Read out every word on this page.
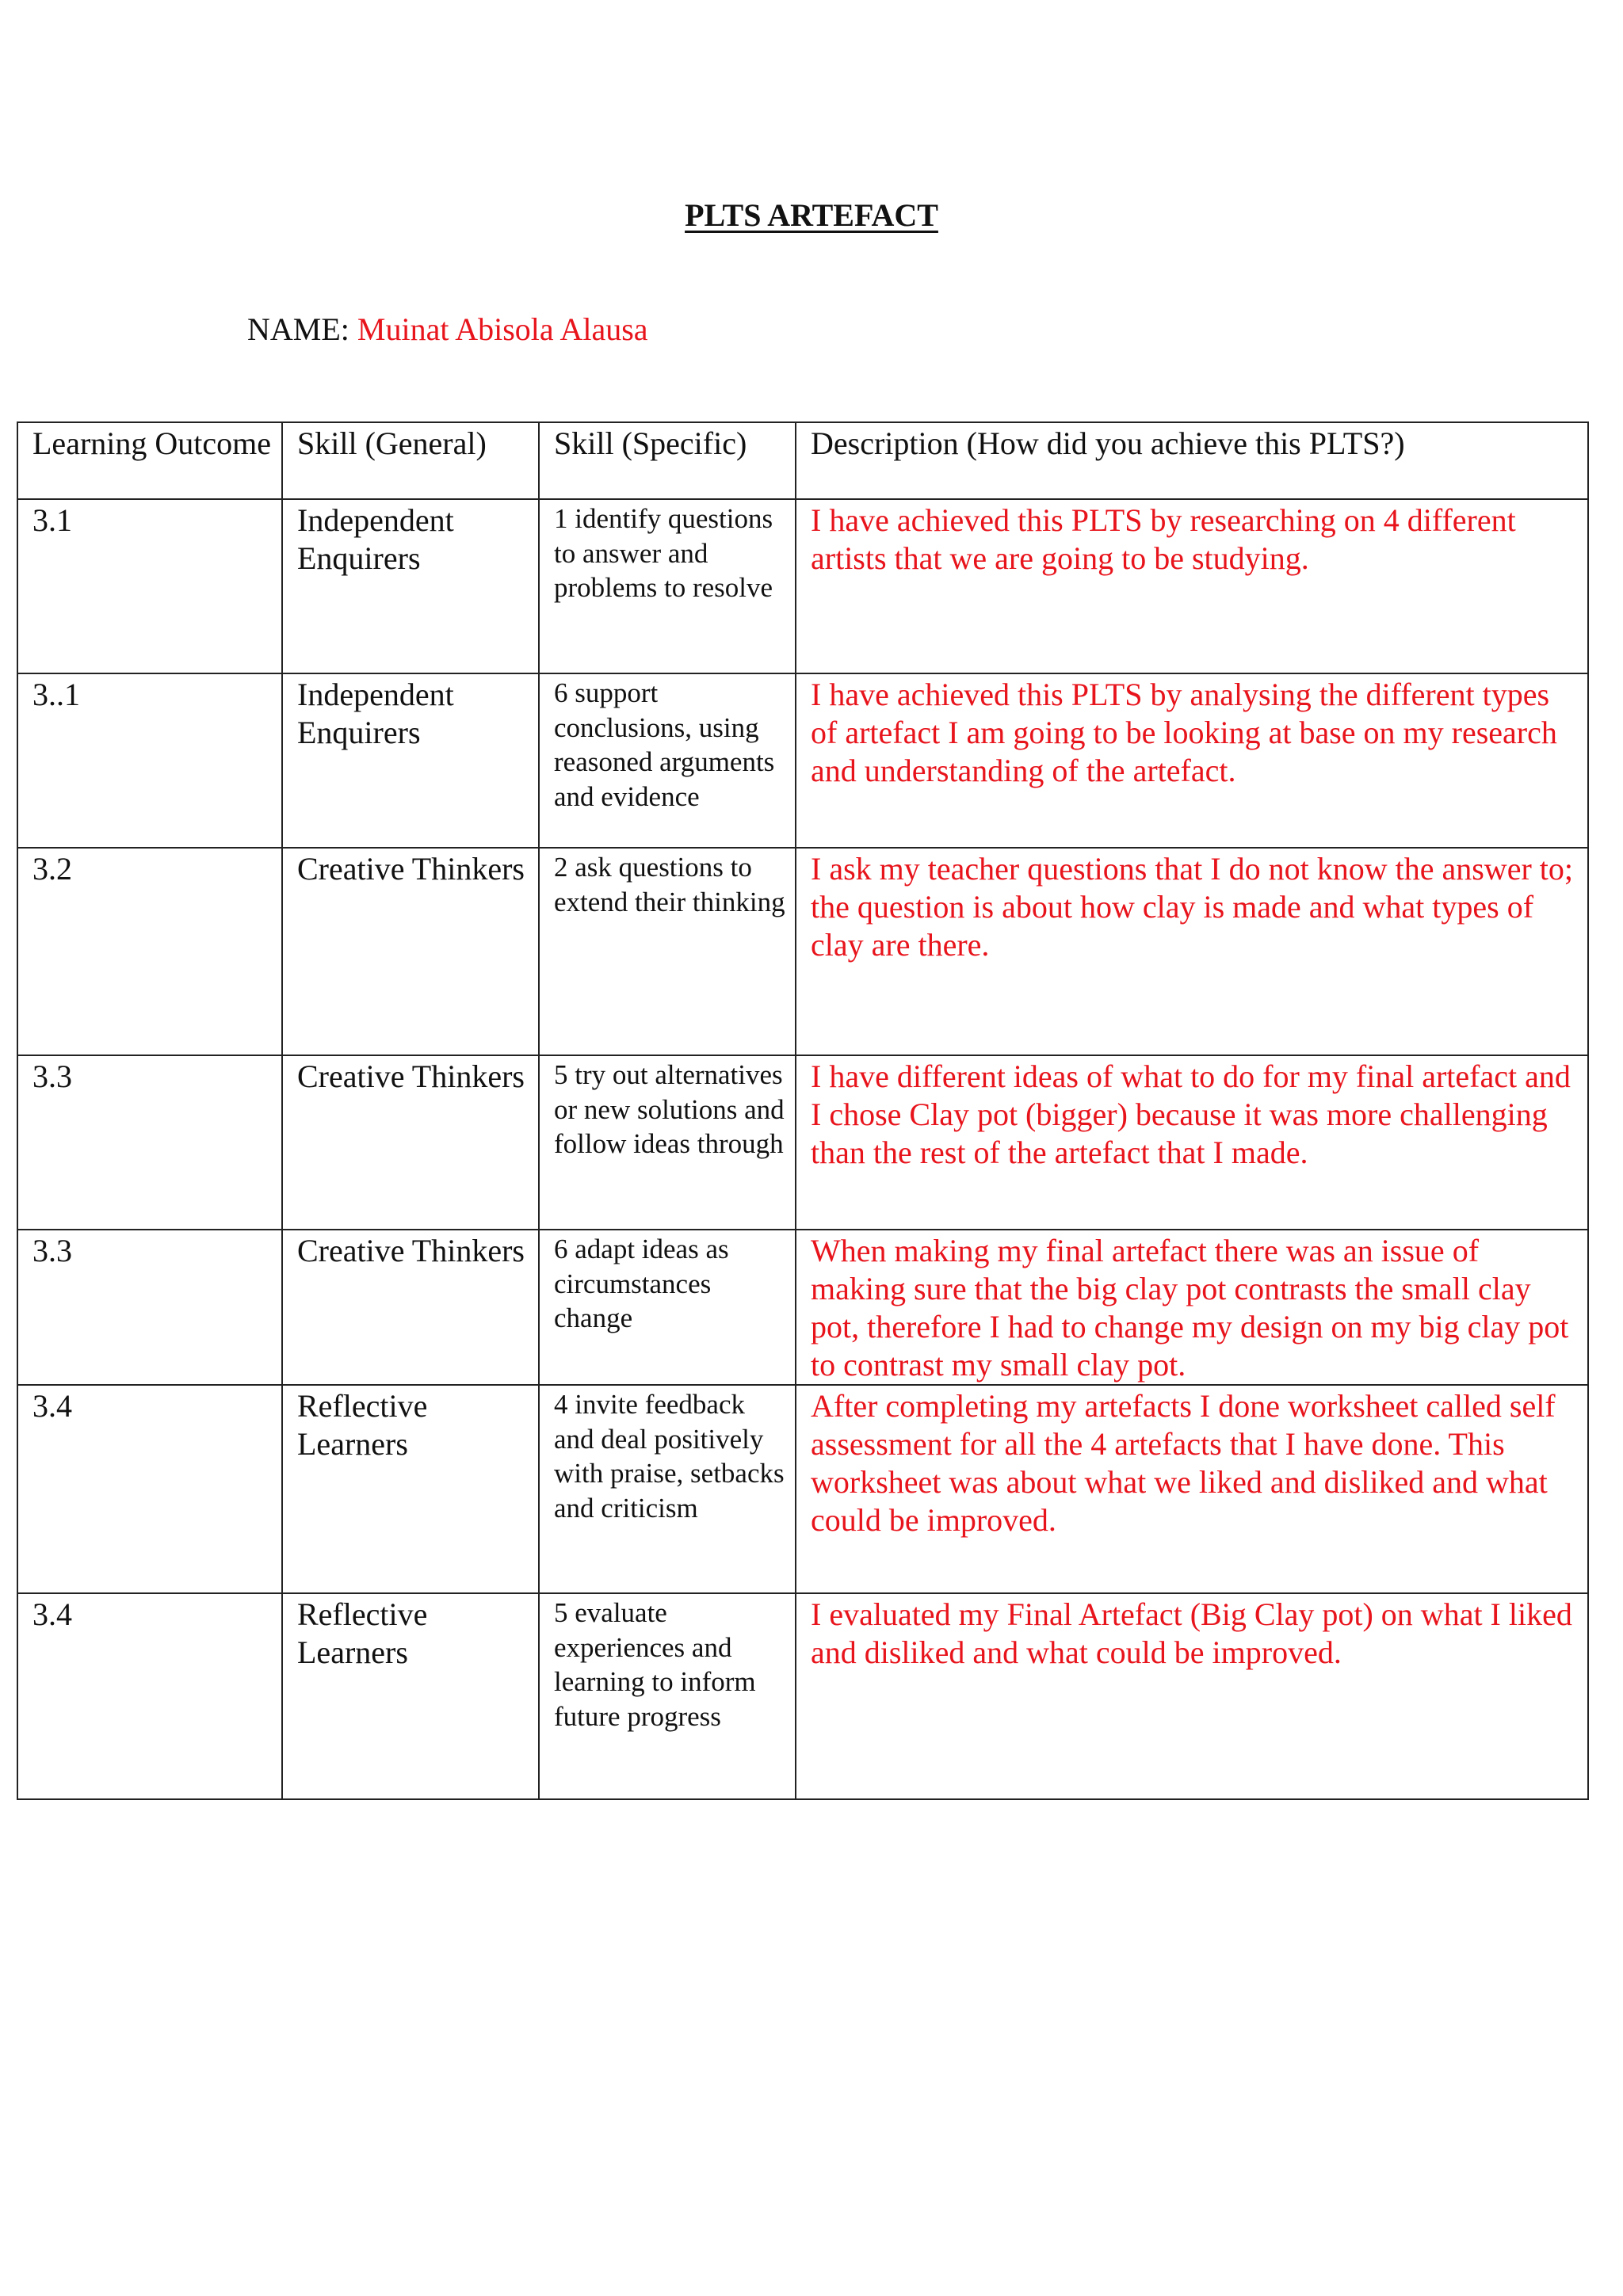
PLTS ARTEFACT
NAME: Muinat Abisola Alausa
Learning Outcome	Skill (General)	Skill (Specific)	Description (How did you achieve this PLTS?)
3.1	Independent Enquirers	1 identify questions to answer and problems to resolve	I have achieved this PLTS by researching on 4 different artists that we are going to be studying.
3..1	Independent Enquirers	6 support conclusions, using reasoned arguments and evidence	I have achieved this PLTS by analysing the different types of artefact I am going to be looking at base on my research and understanding of the artefact.
3.2	Creative Thinkers	2 ask questions to extend their thinking	I ask my teacher questions that I do not know the answer to; the question is about how clay is made and what types of clay are there.
3.3	Creative Thinkers	5 try out alternatives or new solutions and follow ideas through	I have different ideas of what to do for my final artefact and I chose Clay pot (bigger) because it was more challenging than the rest of the artefact that I made.
3.3	Creative Thinkers	6 adapt ideas as circumstances change	When making my final artefact there was an issue of making sure that the big clay pot contrasts the small clay pot, therefore I had to change my design on my big clay pot to contrast my small clay pot.
3.4	Reflective Learners	4 invite feedback and deal positively with praise, setbacks and criticism	After completing my artefacts I done worksheet called self assessment for all the 4 artefacts that I have done. This worksheet was about what we liked and disliked and what could be improved.
3.4	Reflective Learners	5 evaluate experiences and learning to inform future progress	I evaluated my Final Artefact (Big Clay pot) on what I liked and disliked and what could be improved.
